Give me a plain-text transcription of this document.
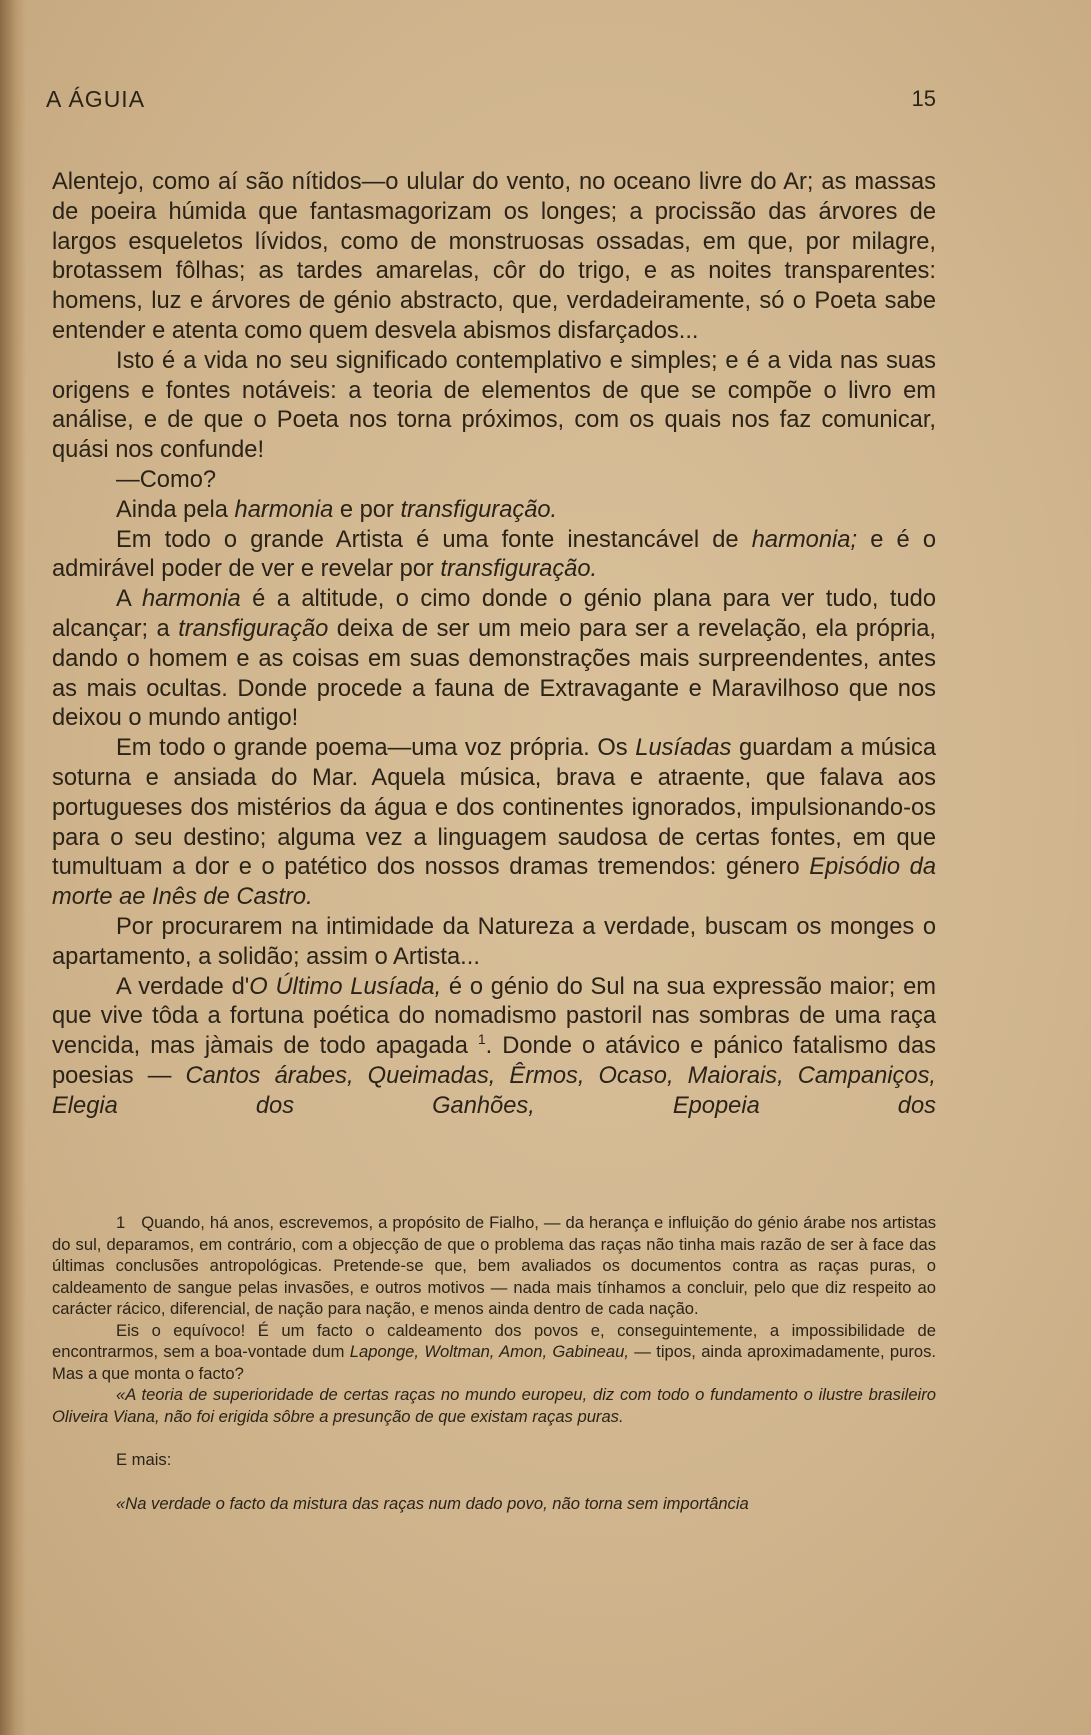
A ÁGUIA	15

Alentejo, como aí são nítidos—o ulular do vento, no oceano livre do Ar; as massas de poeira húmida que fantasmagorizam os longes; a procissão das árvores de largos esqueletos lívidos, como de monstruosas ossadas, em que, por milagre, brotassem fôlhas; as tardes amarelas, côr do trigo, e as noites transparentes: homens, luz e árvores de génio abstracto, que, verdadeiramente, só o Poeta sabe entender e atenta como quem desvela abismos disfarçados...

Isto é a vida no seu significado contemplativo e simples; e é a vida nas suas origens e fontes notáveis: a teoria de elementos de que se compõe o livro em análise, e de que o Poeta nos torna próximos, com os quais nos faz comunicar, quási nos confunde!

—Como?

Ainda pela harmonia e por transfiguração.

Em todo o grande Artista é uma fonte inestancável de harmonia; e é o admirável poder de ver e revelar por transfiguração.

A harmonia é a altitude, o cimo donde o génio plana para ver tudo, tudo alcançar; a transfiguração deixa de ser um meio para ser a revelação, ela própria, dando o homem e as coisas em suas demonstrações mais surpreendentes, antes as mais ocultas. Donde procede a fauna de Extravagante e Maravilhoso que nos deixou o mundo antigo!

Em todo o grande poema—uma voz própria. Os Lusíadas guardam a música soturna e ansiada do Mar. Aquela música, brava e atraente, que falava aos portugueses dos mistérios da água e dos continentes ignorados, impulsionando-os para o seu destino; alguma vez a linguagem saudosa de certas fontes, em que tumultuam a dor e o patético dos nossos dramas tremendos: género Episódio da morte ae Inês de Castro.

Por procurarem na intimidade da Natureza a verdade, buscam os monges o apartamento, a solidão; assim o Artista...

A verdade d'O Último Lusíada, é o génio do Sul na sua expressão maior; em que vive tôda a fortuna poética do nomadismo pastoril nas sombras de uma raça vencida, mas jàmais de todo apagada $^1$. Donde o atávico e pánico fatalismo das poesias — Cantos árabes, Queimadas, Êrmos, Ocaso, Maiorais, Campaniços, Elegia dos Ganhões, Epopeia dos

1 Quando, há anos, escrevemos, a propósito de Fialho, — da herança e influição do génio árabe nos artistas do sul, deparamos, em contrário, com a objecção de que o problema das raças não tinha mais razão de ser à face das últimas conclusões antropológicas. Pretende-se que, bem avaliados os documentos contra as raças puras, o caldeamento de sangue pelas invasões, e outros motivos — nada mais tínhamos a concluir, pelo que diz respeito ao carácter rácico, diferencial, de nação para nação, e menos ainda dentro de cada nação.

Eis o equívoco! É um facto o caldeamento dos povos e, conseguintemente, a impossibilidade de encontrarmos, sem a boa-vontade dum Laponge, Woltman, Amon, Gabineau, — tipos, ainda aproximadamente, puros. Mas a que monta o facto?

«A teoria de superioridade de certas raças no mundo europeu, diz com todo o fundamento o ilustre brasileiro Oliveira Viana, não foi erigida sôbre a presunção de que existam raças puras.

E mais:

«Na verdade o facto da mistura das raças num dado povo, não torna sem importância
